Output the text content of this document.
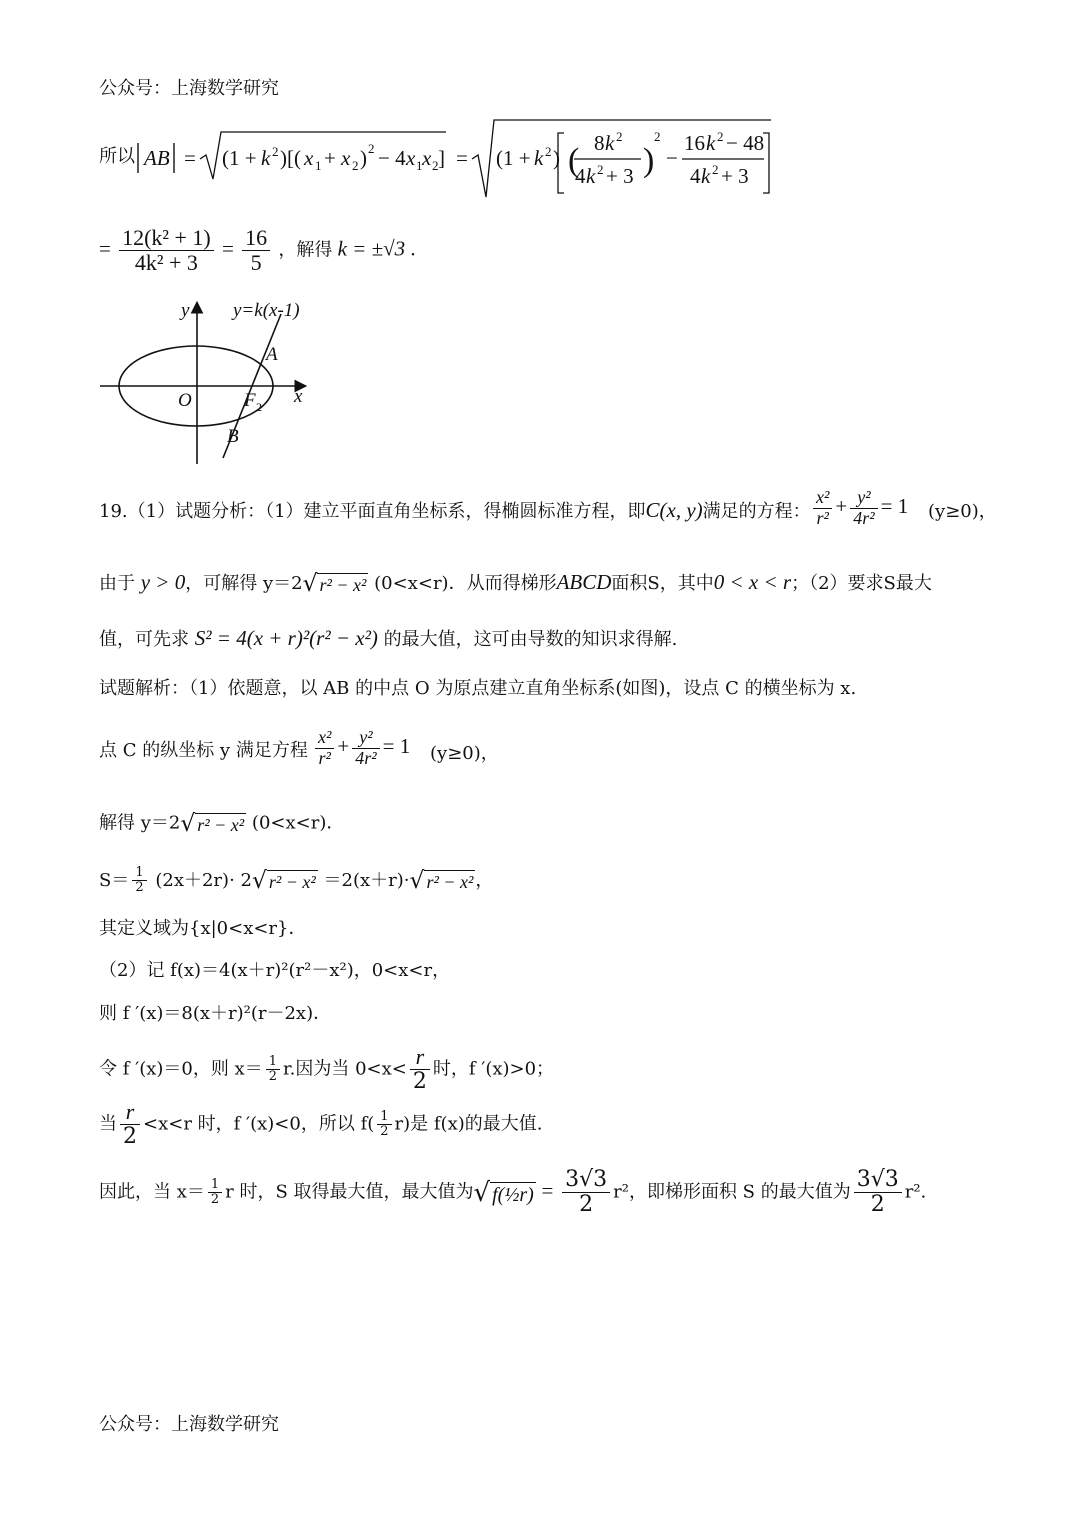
公众号：上海数学研究
所以 AB = (1 + k 2 )[( x 1 + x 2 ) 2 − 4 x 1 x 2 ] = (1 + k 2 ) ( 8 k 2
4 k 2 + 3 )
2
−
16 k 2 − 48
4 k 2 + 3
= $\frac{\text{12(k² + 1)}}{\text{4k² + 3}} = \frac{16}{5}$ ，解得 k = ±√3 .
y y=k(x-1)
A
O	F 2 x
B
19.（1）试题分析：（1）建立平面直角坐标系，得椭圆标准方程，即C(x, y)满足的方程： $\frac{\text{x²}}{\text{r²}} + \frac{\text{y²}}{\text{4r²}} = 1$ (y≥0)，
由于 y > 0，可解得 y＝2√ r² − x² (0<x<r)．从而得梯形ABCD面积S，其中0 < x < r；（2）要求S最大
值，可先求 S² = 4(x + r)²(r² − x²) 的最大值，这可由导数的知识求得解.
试题解析：（1）依题意，以 AB 的中点 O 为原点建立直角坐标系(如图)，设点 C 的横坐标为 x.
点 C 的纵坐标 y 满足方程 $\frac{\text{x²}}{\text{r²}} + \frac{\text{y²}}{\text{4r²}} = 1$ (y≥0)，
解得 y＝2√ r² − x² (0<x<r)．
$S= \frac{1}{2} (2x+2r)\cdot 2√$ r² − x² ＝2(x＋r)·√ r² − x² ，
其定义域为{x|0<x<r}．
（2）记 f(x)＝4(x＋r)²(r²－x²)，0<x<r，
则 f ′(x)＝8(x＋r)²(r－2x)．
令 f ′(x)＝0，则 $x= \frac{1}{2} r$.因为当 $0<x< \frac{r}{2}$ 时，f ′(x)>0；
当 $\frac{r}{2} <x<r$ 时，f ′(x)<0，所以 $f( \frac{1}{2} r)$是 f(x)的最大值.
因此，当 $x= \frac{1}{2}$ r 时，S 取得最大值，最大值为√ f(½r) = $\frac{3√3}{2} r^2$，即梯形面积 S 的最大值为 $\frac{3√3}{2} r^2$.
公众号：上海数学研究
